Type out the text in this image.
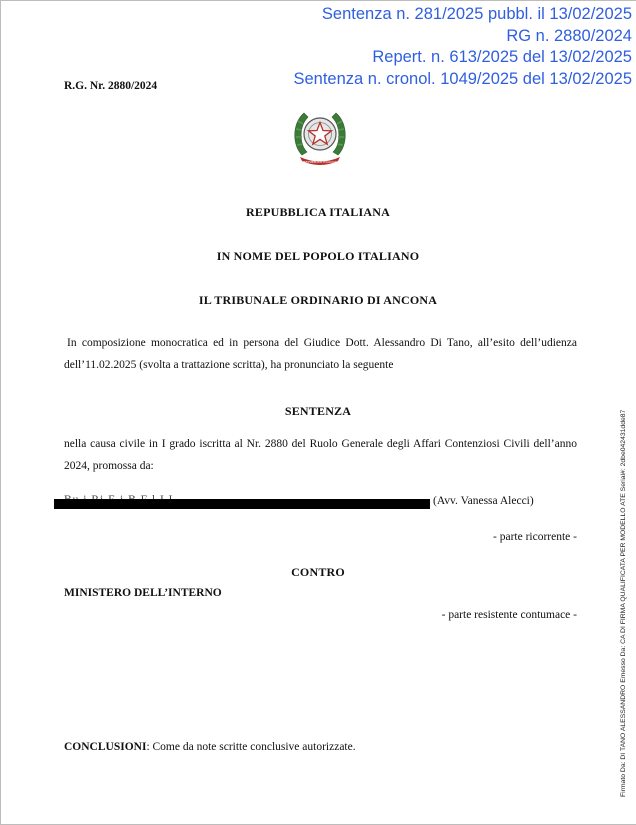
Sentenza n. 281/2025 pubbl. il 13/02/2025
RG n. 2880/2024
Repert. n. 613/2025 del 13/02/2025
Sentenza n. cronol. 1049/2025 del 13/02/2025
R.G. Nr. 2880/2024
REPVBBLICA ITALIANA
REPUBBLICA ITALIANA
IN NOME DEL POPOLO ITALIANO
IL TRIBUNALE ORDINARIO DI ANCONA
In composizione monocratica ed in persona del Giudice Dott. Alessandro Di Tano, all’esito dell’udienza dell’11.02.2025 (svolta a trattazione scritta), ha pronunciato la seguente
SENTENZA
nella causa civile in I grado iscritta al Nr. 2880 del Ruolo Generale degli Affari Contenziosi Civili dell’anno 2024, promossa da:
(Avv. Vanessa Alecci)
- parte ricorrente -
CONTRO
MINISTERO DELL’INTERNO
- parte resistente contumace -
CONCLUSIONI: Come da note scritte conclusive autorizzate.	Firmato Da: DI TANO ALESSANDRO Emesso Da: CA DI FIRMA QUALIFICATA PER MODELLO ATE Serial#: 2dbe042431dde87
